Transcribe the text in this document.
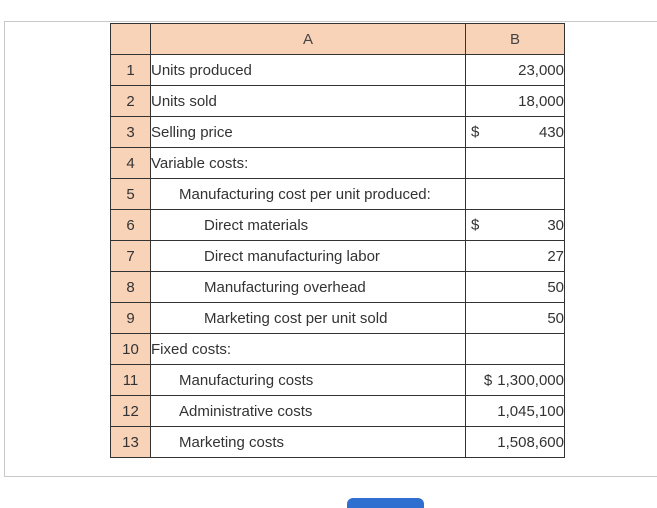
	A	B
1	Units produced	23,000
2	Units sold	18,000
3	Selling price	$ 430
4	Variable costs:	
5	Manufacturing cost per unit produced:	
6	Direct materials	$ 30
7	Direct manufacturing labor	27
8	Manufacturing overhead	50
9	Marketing cost per unit sold	50
10	Fixed costs:	
11	Manufacturing costs	$ 1,300,000
12	Administrative costs	1,045,100
13	Marketing costs	1,508,600
